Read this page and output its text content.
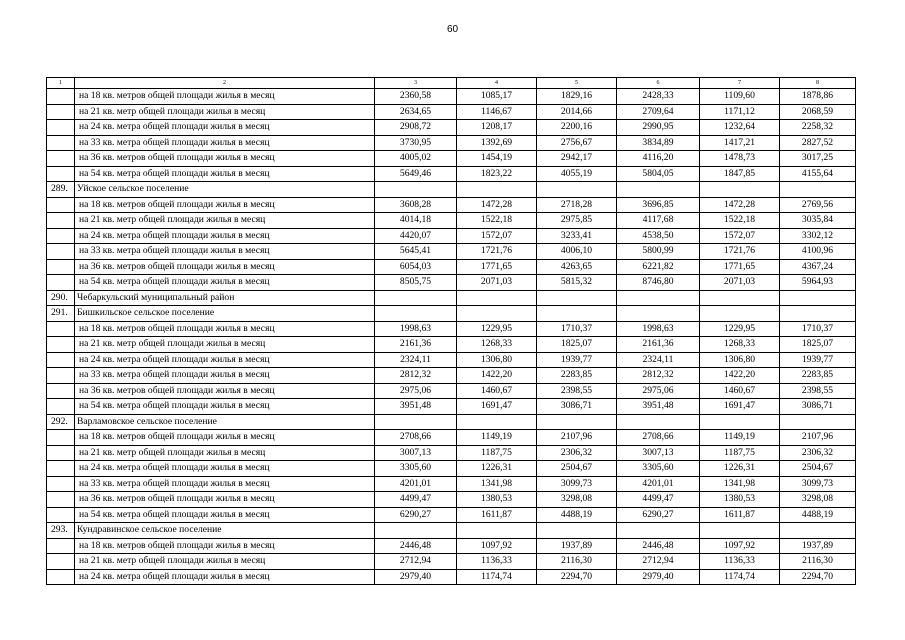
60
1	2	3	4	5	6	7	8
	на 18 кв. метров общей площади жилья в месяц	2360,58	1085,17	1829,16	2428,33	1109,60	1878,86
	на 21 кв. метр общей площади жилья в месяц	2634,65	1146,67	2014,66	2709,64	1171,12	2068,59
	на 24 кв. метра общей площади жилья в месяц	2908,72	1208,17	2200,16	2990,95	1232,64	2258,32
	на 33 кв. метра общей площади жилья в месяц	3730,95	1392,69	2756,67	3834,89	1417,21	2827,52
	на 36 кв. метров общей площади жилья в месяц	4005,02	1454,19	2942,17	4116,20	1478,73	3017,25
	на 54 кв. метра общей площади жилья в месяц	5649,46	1823,22	4055,19	5804,05	1847,85	4155,64
289.	Уйское сельское поселение						
	на 18 кв. метров общей площади жилья в месяц	3608,28	1472,28	2718,28	3696,85	1472,28	2769,56
	на 21 кв. метр общей площади жилья в месяц	4014,18	1522,18	2975,85	4117,68	1522,18	3035,84
	на 24 кв. метра общей площади жилья в месяц	4420,07	1572,07	3233,41	4538,50	1572,07	3302,12
	на 33 кв. метра общей площади жилья в месяц	5645,41	1721,76	4006,10	5800,99	1721,76	4100,96
	на 36 кв. метров общей площади жилья в месяц	6054,03	1771,65	4263,65	6221,82	1771,65	4367,24
	на 54 кв. метра общей площади жилья в месяц	8505,75	2071,03	5815,32	8746,80	2071,03	5964,93
290.	Чебаркульский муниципальный район						
291.	Бишкильское сельское поселение						
	на 18 кв. метров общей площади жилья в месяц	1998,63	1229,95	1710,37	1998,63	1229,95	1710,37
	на 21 кв. метр общей площади жилья в месяц	2161,36	1268,33	1825,07	2161,36	1268,33	1825,07
	на 24 кв. метра общей площади жилья в месяц	2324,11	1306,80	1939,77	2324,11	1306,80	1939,77
	на 33 кв. метра общей площади жилья в месяц	2812,32	1422,20	2283,85	2812,32	1422,20	2283,85
	на 36 кв. метров общей площади жилья в месяц	2975,06	1460,67	2398,55	2975,06	1460,67	2398,55
	на 54 кв. метра общей площади жилья в месяц	3951,48	1691,47	3086,71	3951,48	1691,47	3086,71
292.	Варламовское сельское поселение						
	на 18 кв. метров общей площади жилья в месяц	2708,66	1149,19	2107,96	2708,66	1149,19	2107,96
	на 21 кв. метр общей площади жилья в месяц	3007,13	1187,75	2306,32	3007,13	1187,75	2306,32
	на 24 кв. метра общей площади жилья в месяц	3305,60	1226,31	2504,67	3305,60	1226,31	2504,67
	на 33 кв. метра общей площади жилья в месяц	4201,01	1341,98	3099,73	4201,01	1341,98	3099,73
	на 36 кв. метров общей площади жилья в месяц	4499,47	1380,53	3298,08	4499,47	1380,53	3298,08
	на 54 кв. метра общей площади жилья в месяц	6290,27	1611,87	4488,19	6290,27	1611,87	4488,19
293.	Кундравинское сельское поселение						
	на 18 кв. метров общей площади жилья в месяц	2446,48	1097,92	1937,89	2446,48	1097,92	1937,89
	на 21 кв. метр общей площади жилья в месяц	2712,94	1136,33	2116,30	2712,94	1136,33	2116,30
	на 24 кв. метра общей площади жилья в месяц	2979,40	1174,74	2294,70	2979,40	1174,74	2294,70
